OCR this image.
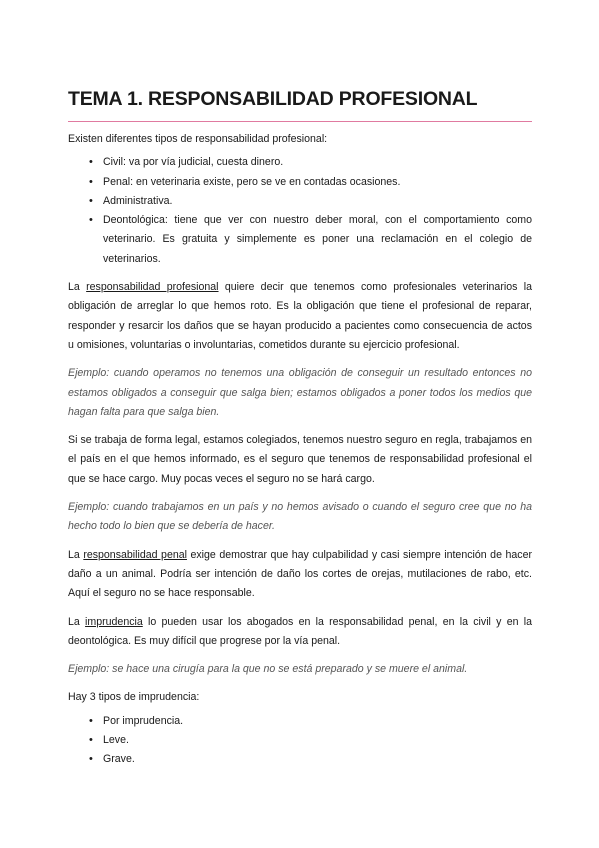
TEMA 1. RESPONSABILIDAD PROFESIONAL

Existen diferentes tipos de responsabilidad profesional:

• Civil: va por vía judicial, cuesta dinero.
• Penal: en veterinaria existe, pero se ve en contadas ocasiones.
• Administrativa.
• Deontológica: tiene que ver con nuestro deber moral, con el comportamiento como veterinario. Es gratuita y simplemente es poner una reclamación en el colegio de veterinarios.

La responsabilidad profesional quiere decir que tenemos como profesionales veterinarios la obligación de arreglar lo que hemos roto. Es la obligación que tiene el profesional de reparar, responder y resarcir los daños que se hayan producido a pacientes como consecuencia de actos u omisiones, voluntarias o involuntarias, cometidos durante su ejercicio profesional.

Ejemplo: cuando operamos no tenemos una obligación de conseguir un resultado entonces no estamos obligados a conseguir que salga bien; estamos obligados a poner todos los medios que hagan falta para que salga bien.

Si se trabaja de forma legal, estamos colegiados, tenemos nuestro seguro en regla, trabajamos en el país en el que hemos informado, es el seguro que tenemos de responsabilidad profesional el que se hace cargo. Muy pocas veces el seguro no se hará cargo.

Ejemplo: cuando trabajamos en un país y no hemos avisado o cuando el seguro cree que no ha hecho todo lo bien que se debería de hacer.

La responsabilidad penal exige demostrar que hay culpabilidad y casi siempre intención de hacer daño a un animal. Podría ser intención de daño los cortes de orejas, mutilaciones de rabo, etc. Aquí el seguro no se hace responsable.

La imprudencia lo pueden usar los abogados en la responsabilidad penal, en la civil y en la deontológica. Es muy difícil que progrese por la vía penal.

Ejemplo: se hace una cirugía para la que no se está preparado y se muere el animal.

Hay 3 tipos de imprudencia:

• Por imprudencia.
• Leve.
• Grave.
